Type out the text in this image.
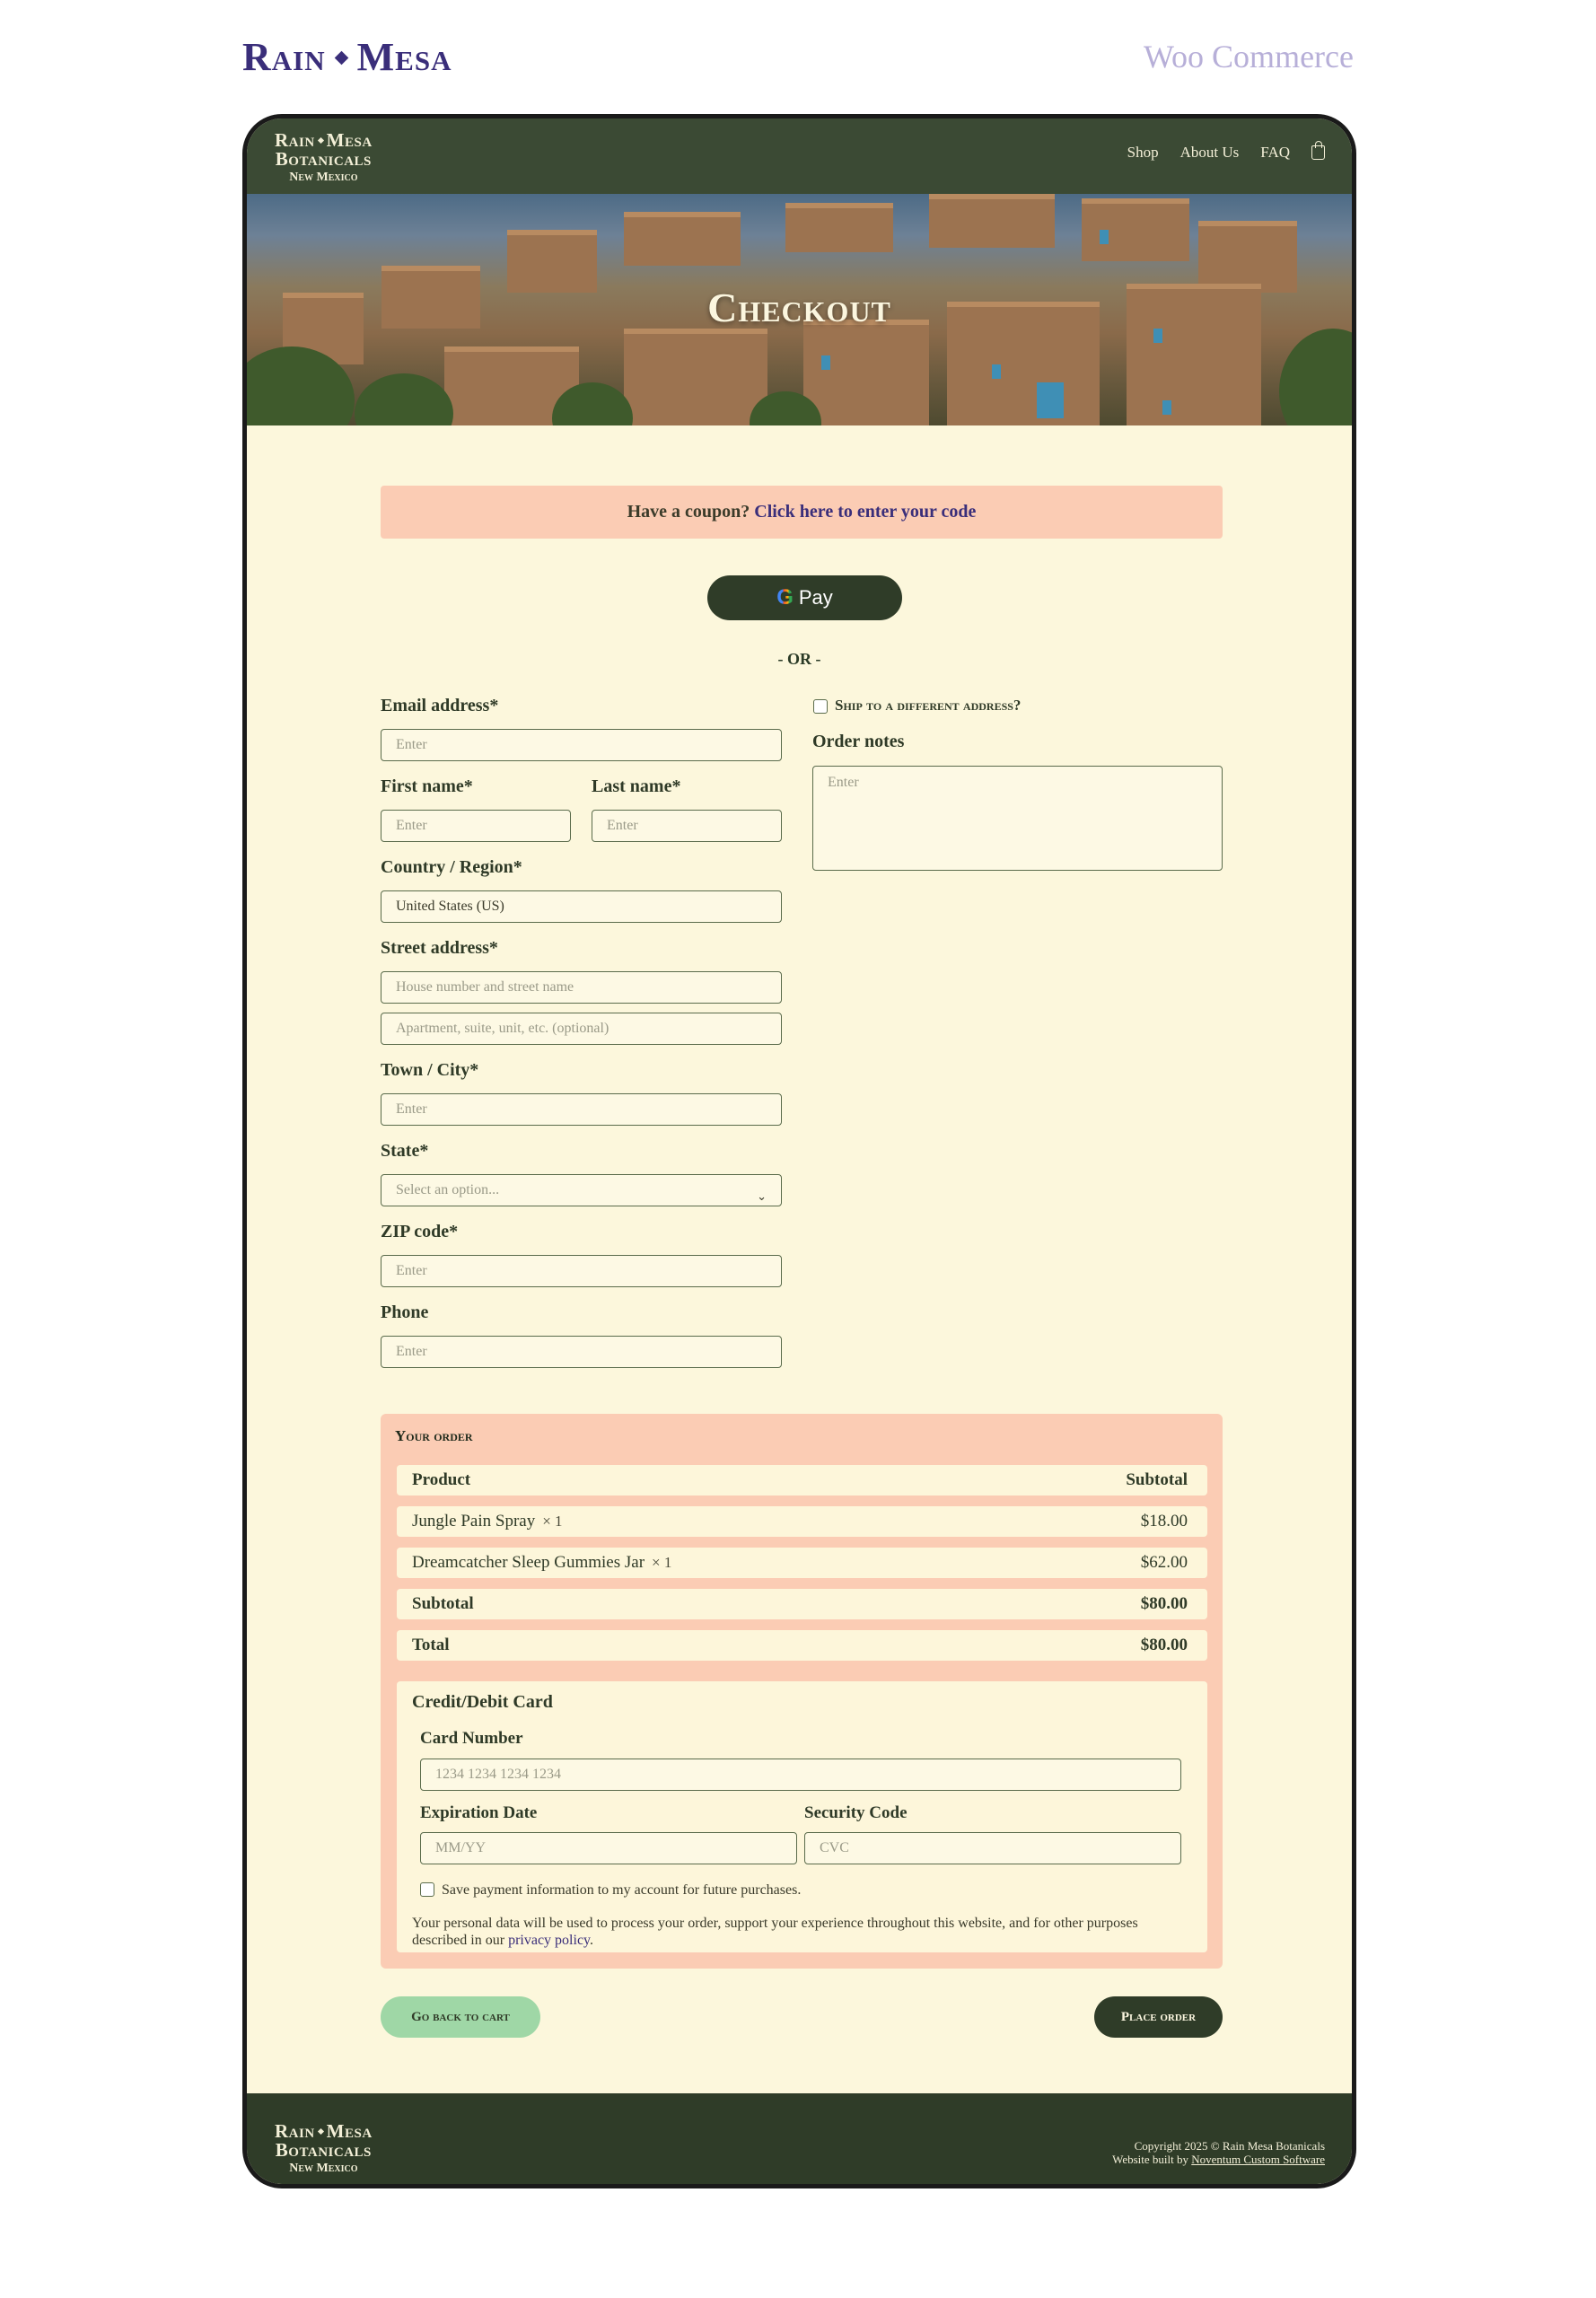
Rain Mesa	Woo Commerce
Rain Mesa
Botanicals
New Mexico
Shop About Us FAQ
Checkout
Have a coupon? Click here to enter your code
G Pay
- OR -
Email address*
Enter
First name*
Enter
Last name*
Enter
Country / Region*
United States (US)
Street address*
House number and street name
Apartment, suite, unit, etc. (optional)
Town / City*
Enter
State*
Select an option...	⌄
ZIP code*
Enter
Phone
Enter
Ship to a different address?
Order notes
Enter
Your order
Product	Subtotal
Jungle Pain Spray × 1	$18.00
Dreamcatcher Sleep Gummies Jar × 1	$62.00
Subtotal	$80.00
Total	$80.00
Credit/Debit Card
Card Number
1234 1234 1234 1234
Expiration Date
MM/YY
Security Code
CVC
Save payment information to my account for future purchases.
Your personal data will be used to process your order, support your experience throughout this website, and for other purposes described in our privacy policy.
Go back to cart	Place order
Rain Mesa
Botanicals
New Mexico
Copyright 2025 © Rain Mesa Botanicals
Website built by Noventum Custom Software
